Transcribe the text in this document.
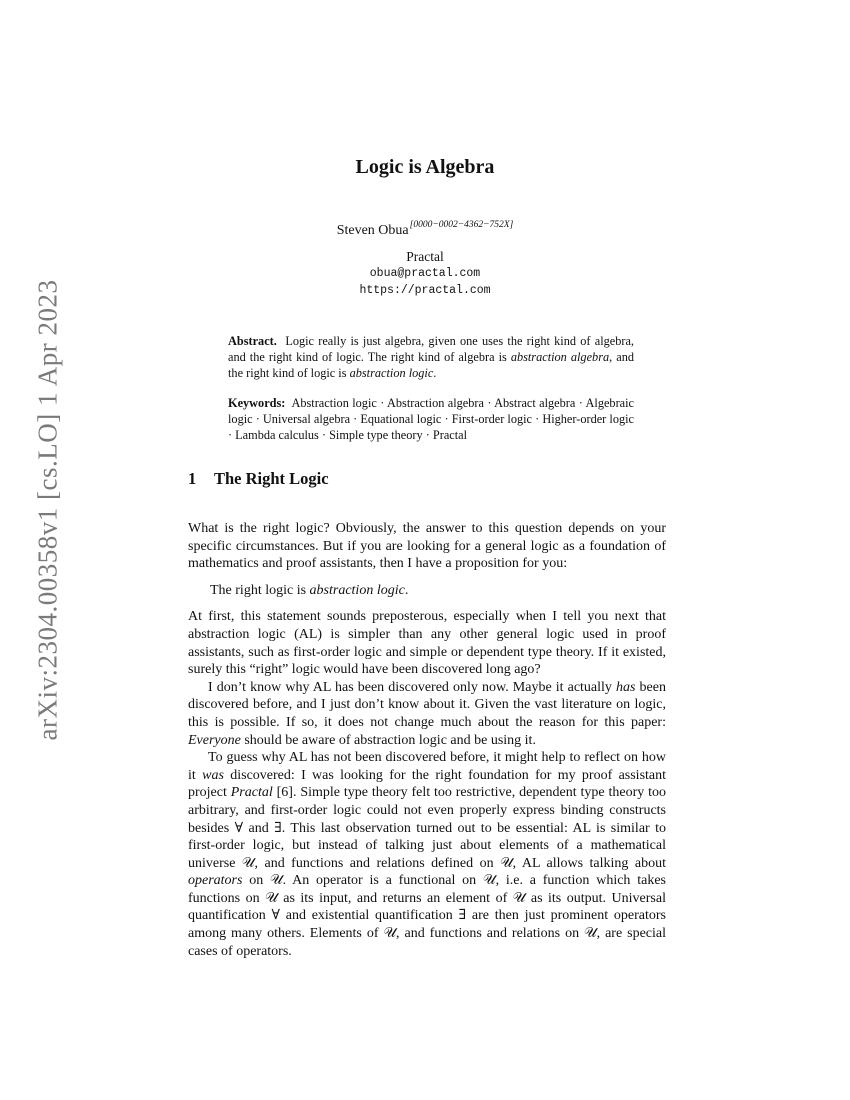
arXiv:2304.00358v1 [cs.LO] 1 Apr 2023
Logic is Algebra
Steven Obua[0000−0002−4362−752X]
Practal
obua@practal.com
https://practal.com
Abstract. Logic really is just algebra, given one uses the right kind of algebra, and the right kind of logic. The right kind of algebra is abstraction algebra, and the right kind of logic is abstraction logic.
Keywords: Abstraction logic · Abstraction algebra · Abstract algebra · Algebraic logic · Universal algebra · Equational logic · First-order logic · Higher-order logic · Lambda calculus · Simple type theory · Practal
1 The Right Logic

What is the right logic? Obviously, the answer to this question depends on your specific circumstances. But if you are looking for a general logic as a foundation of mathematics and proof assistants, then I have a proposition for you:

The right logic is abstraction logic.

At first, this statement sounds preposterous, especially when I tell you next that abstraction logic (AL) is simpler than any other general logic used in proof assistants, such as first-order logic and simple or dependent type theory. If it existed, surely this “right” logic would have been discovered long ago?

I don’t know why AL has been discovered only now. Maybe it actually has been discovered before, and I just don’t know about it. Given the vast literature on logic, this is possible. If so, it does not change much about the reason for this paper: Everyone should be aware of abstraction logic and be using it.

To guess why AL has not been discovered before, it might help to reflect on how it was discovered: I was looking for the right foundation for my proof assistant project Practal [6]. Simple type theory felt too restrictive, dependent type theory too arbitrary, and first-order logic could not even properly express binding constructs besides ∀ and ∃. This last observation turned out to be essential: AL is similar to first-order logic, but instead of talking just about elements of a mathematical universe 𝒰, and functions and relations defined on 𝒰, AL allows talking about operators on 𝒰. An operator is a functional on 𝒰, i.e. a function which takes functions on 𝒰 as its input, and returns an element of 𝒰 as its output. Universal quantification ∀ and existential quantification ∃ are then just prominent operators among many others. Elements of 𝒰, and functions and relations on 𝒰, are special cases of operators.
